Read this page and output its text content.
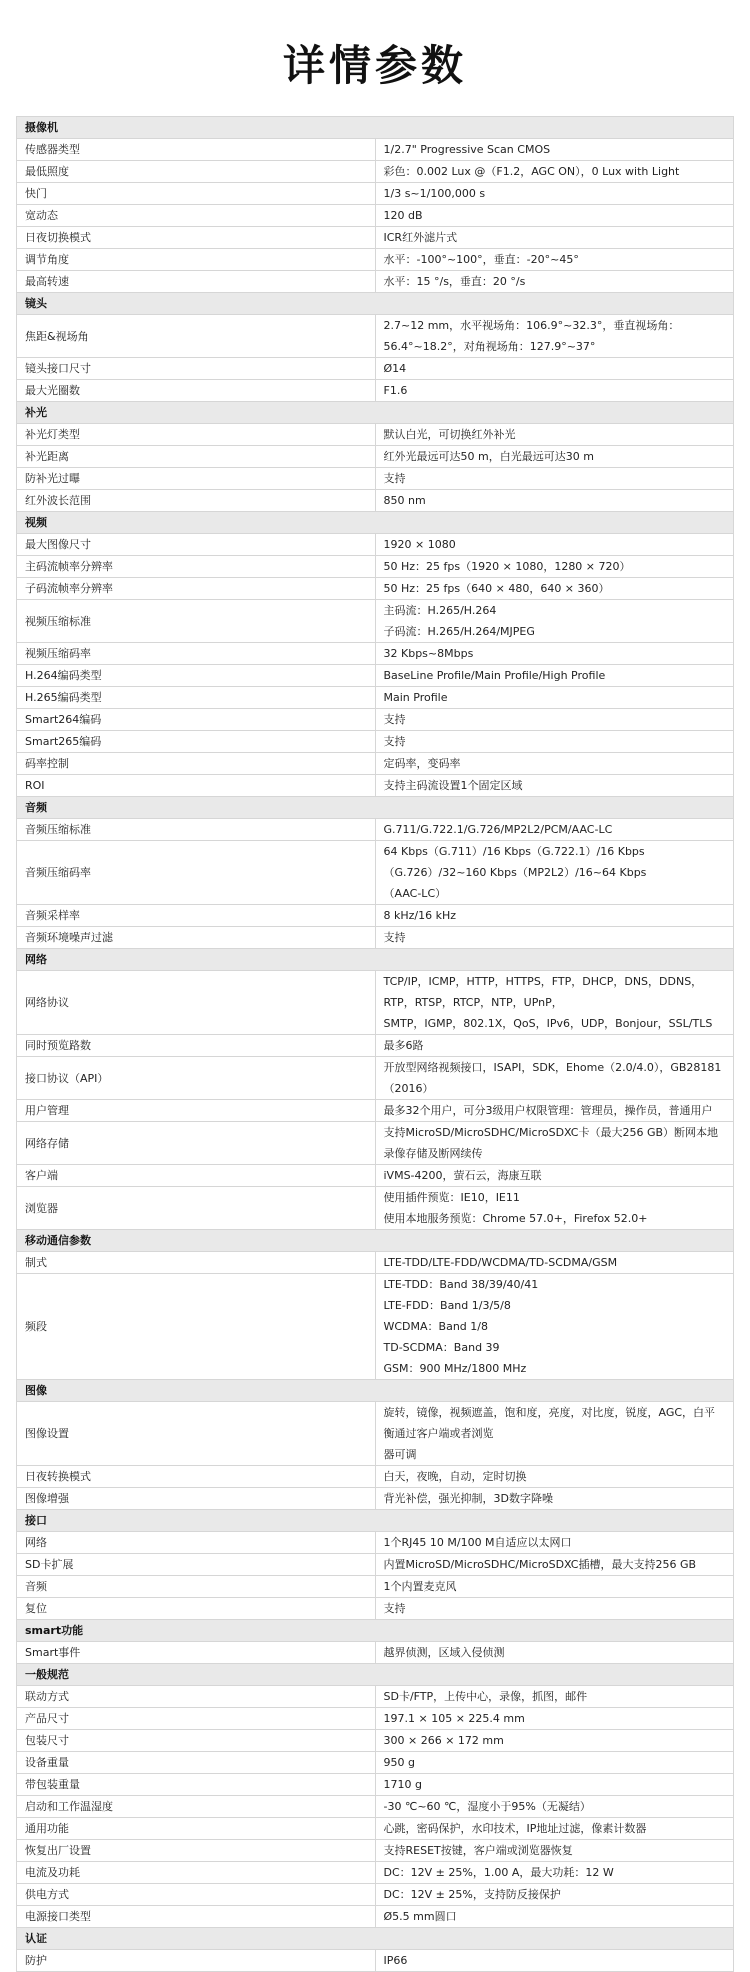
详情参数
摄像机	
传感器类型	1/2.7" Progressive Scan CMOS

最低照度	彩色：0.002 Lux @（F1.2，AGC ON），0 Lux with Light

快门	1/3 s~1/100,000 s

宽动态	120 dB

日夜切换模式	ICR红外滤片式

调节角度	水平：-100°~100°，垂直：-20°~45°

最高转速	水平：15 °/s，垂直：20 °/s

镜头	
焦距&视场角	2.7~12 mm，水平视场角：106.9°~32.3°，垂直视场角：56.4°~18.2°，对角视场角：127.9°~37°

镜头接口尺寸	Ø14

最大光圈数	F1.6

补光	
补光灯类型	默认白光，可切换红外补光

补光距离	红外光最远可达50 m，白光最远可达30 m

防补光过曝	支持

红外波长范围	850 nm

视频	
最大图像尺寸	1920 × 1080

主码流帧率分辨率	50 Hz：25 fps（1920 × 1080，1280 × 720）

子码流帧率分辨率	50 Hz：25 fps（640 × 480，640 × 360）

视频压缩标准	主码流：H.265/H.264
子码流：H.265/H.264/MJPEG

视频压缩码率	32 Kbps~8Mbps

H.264编码类型	BaseLine Profile/Main Profile/High Profile

H.265编码类型	Main Profile

Smart264编码	支持

Smart265编码	支持

码率控制	定码率，变码率

ROI	支持主码流设置1个固定区域

音频	
音频压缩标准	G.711/G.722.1/G.726/MP2L2/PCM/AAC-LC

音频压缩码率	64 Kbps（G.711）/16 Kbps（G.722.1）/16 Kbps（G.726）/32~160 Kbps（MP2L2）/16~64 Kbps
（AAC-LC）

音频采样率	8 kHz/16 kHz

音频环境噪声过滤	支持

网络	
网络协议	TCP/IP，ICMP，HTTP，HTTPS，FTP，DHCP，DNS，DDNS，RTP，RTSP，RTCP，NTP，UPnP，
SMTP，IGMP，802.1X，QoS，IPv6，UDP，Bonjour，SSL/TLS

同时预览路数	最多6路

接口协议（API）	开放型网络视频接口，ISAPI，SDK，Ehome（2.0/4.0），GB28181（2016）

用户管理	最多32个用户，可分3级用户权限管理：管理员，操作员，普通用户

网络存储	支持MicroSD/MicroSDHC/MicroSDXC卡（最大256 GB）断网本地录像存储及断网续传

客户端	iVMS-4200，萤石云，海康互联

浏览器	使用插件预览：IE10，IE11
使用本地服务预览：Chrome 57.0+，Firefox 52.0+

移动通信参数	
制式	LTE-TDD/LTE-FDD/WCDMA/TD-SCDMA/GSM

频段	LTE-TDD：Band 38/39/40/41
LTE-FDD：Band 1/3/5/8
WCDMA：Band 1/8
TD-SCDMA：Band 39
GSM：900 MHz/1800 MHz

图像	
图像设置	旋转，镜像，视频遮盖，饱和度，亮度，对比度，锐度，AGC，白平衡通过客户端或者浏览
器可调

日夜转换模式	白天，夜晚，自动，定时切换

图像增强	背光补偿，强光抑制，3D数字降噪

接口	
网络	1个RJ45 10 M/100 M自适应以太网口

SD卡扩展	内置MicroSD/MicroSDHC/MicroSDXC插槽，最大支持256 GB

音频	1个内置麦克风

复位	支持

smart功能	
Smart事件	越界侦测，区域入侵侦测

一般规范	
联动方式	SD卡/FTP，上传中心，录像，抓图，邮件

产品尺寸	197.1 × 105 × 225.4 mm

包装尺寸	300 × 266 × 172 mm

设备重量	950 g

带包装重量	1710 g

启动和工作温湿度	-30 ℃~60 ℃，湿度小于95%（无凝结）

通用功能	心跳，密码保护，水印技术，IP地址过滤，像素计数器

恢复出厂设置	支持RESET按键，客户端或浏览器恢复

电流及功耗	DC：12V ± 25%，1.00 A，最大功耗：12 W

供电方式	DC：12V ± 25%，支持防反接保护

电源接口类型	Ø5.5 mm圆口

认证	
防护	IP66
